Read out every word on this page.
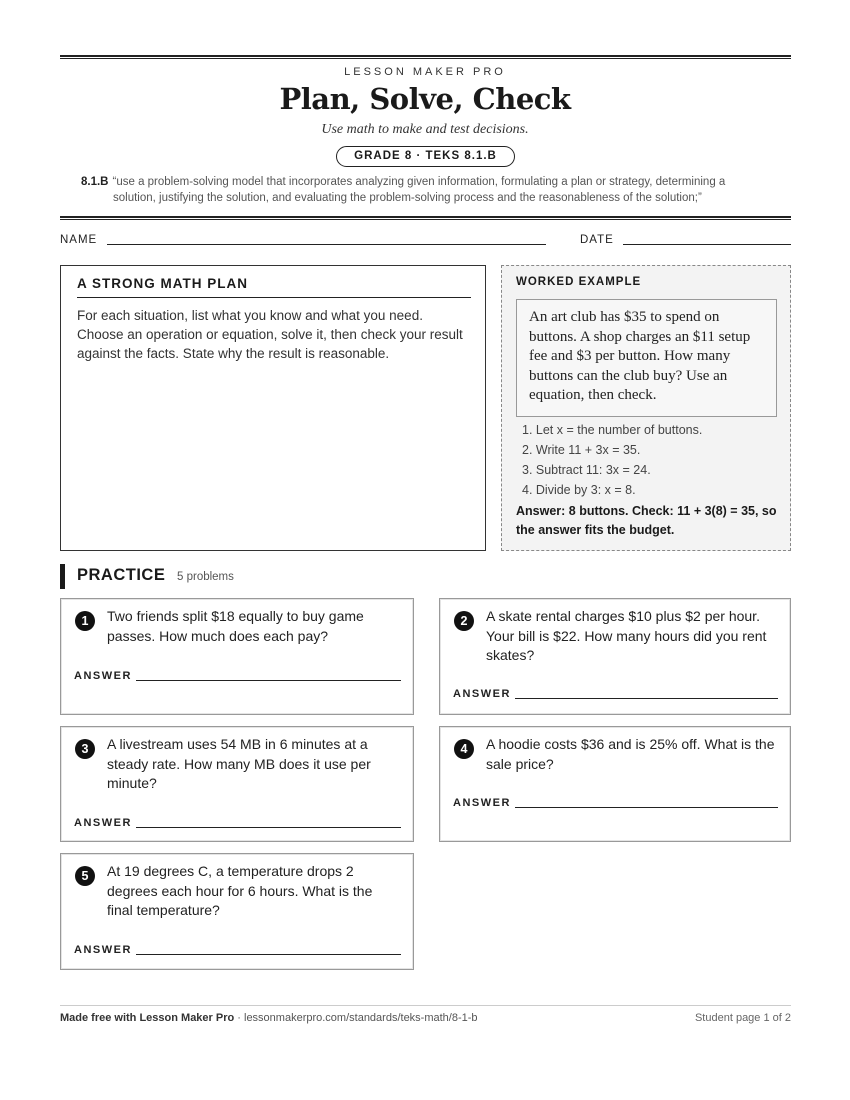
LESSON MAKER PRO
Plan, Solve, Check
Use math to make and test decisions.
GRADE 8 · TEKS 8.1.B
8.1.B “use a problem-solving model that incorporates analyzing given information, formulating a plan or strategy, determining a
solution, justifying the solution, and evaluating the problem-solving process and the reasonableness of the solution;”
NAME	DATE
A STRONG MATH PLAN
For each situation, list what you know and what you need. Choose an operation or equation, solve it, then check your result against the facts. State why the result is reasonable.
WORKED EXAMPLE
An art club has $35 to spend on buttons. A shop charges an $11 setup fee and $3 per button. How many buttons can the club buy? Use an equation, then check.
1. Let x = the number of buttons.
2. Write 11 + 3x = 35.
3. Subtract 11: 3x = 24.
4. Divide by 3: x = 8.
Answer: 8 buttons. Check: 11 + 3(8) = 35, so the answer fits the budget.
PRACTICE 5 problems
1	Two friends split $18 equally to buy game passes. How much does each pay?
ANSWER
2	A skate rental charges $10 plus $2 per hour. Your bill is $22. How many hours did you rent skates?
ANSWER
3	A livestream uses 54 MB in 6 minutes at a steady rate. How many MB does it use per minute?
ANSWER
4	A hoodie costs $36 and is 25% off. What is the sale price?
ANSWER
5	At 19 degrees C, a temperature drops 2 degrees each hour for 6 hours. What is the final temperature?
ANSWER
Made free with Lesson Maker Pro · lessonmakerpro.com/standards/teks-math/8-1-b	Student page 1 of 2
